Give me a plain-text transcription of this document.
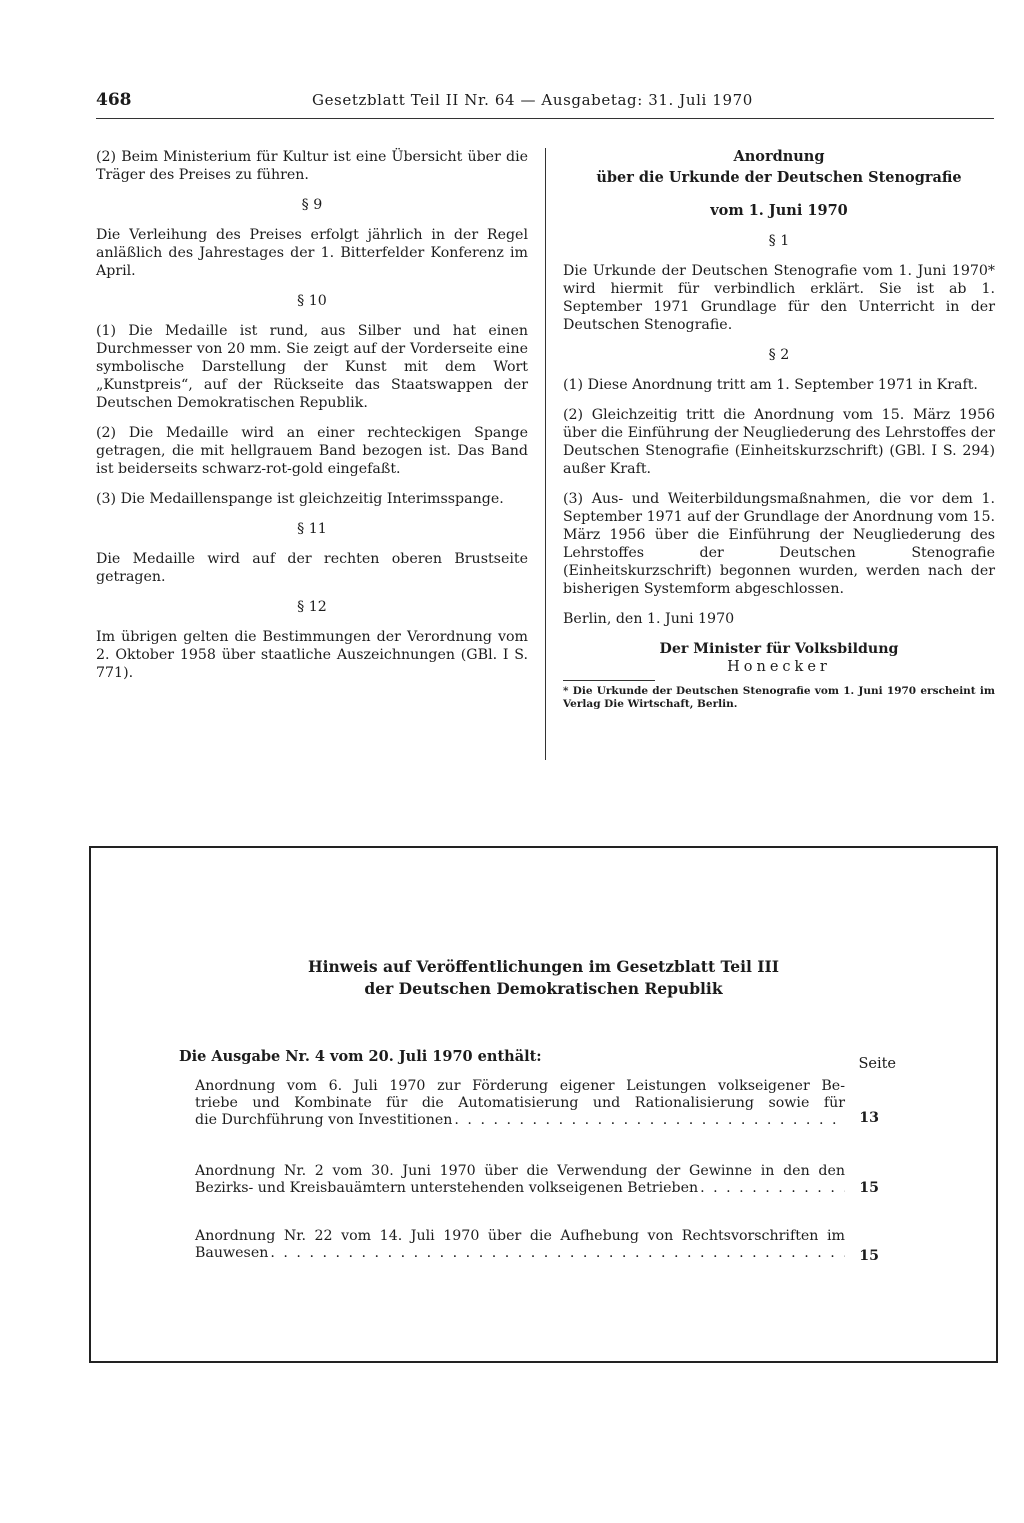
468	Gesetzblatt Teil II Nr. 64 — Ausgabetag: 31. Juli 1970

(2) Beim Ministerium für Kultur ist eine Übersicht über die Träger des Preises zu führen.

§ 9

Die Verleihung des Preises erfolgt jährlich in der Regel anläßlich des Jahrestages der 1. Bitterfelder Konferenz im April.

§ 10

(1) Die Medaille ist rund, aus Silber und hat einen Durchmesser von 20 mm. Sie zeigt auf der Vorderseite eine symbolische Darstellung der Kunst mit dem Wort „Kunstpreis“, auf der Rückseite das Staatswappen der Deutschen Demokratischen Republik.

(2) Die Medaille wird an einer rechteckigen Spange getragen, die mit hellgrauem Band bezogen ist. Das Band ist beiderseits schwarz-rot-gold eingefaßt.

(3) Die Medaillenspange ist gleichzeitig Interimsspange.

§ 11

Die Medaille wird auf der rechten oberen Brustseite getragen.

§ 12

Im übrigen gelten die Bestimmungen der Verordnung vom 2. Oktober 1958 über staatliche Auszeichnungen (GBl. I S. 771).

Anordnung

über die Urkunde der Deutschen Stenografie

vom 1. Juni 1970

§ 1

Die Urkunde der Deutschen Stenografie vom 1. Juni 1970* wird hiermit für verbindlich erklärt. Sie ist ab 1. September 1971 Grundlage für den Unterricht in der Deutschen Stenografie.

§ 2

(1) Diese Anordnung tritt am 1. September 1971 in Kraft.

(2) Gleichzeitig tritt die Anordnung vom 15. März 1956 über die Einführung der Neugliederung des Lehrstoffes der Deutschen Stenografie (Einheitskurzschrift) (GBl. I S. 294) außer Kraft.

(3) Aus- und Weiterbildungsmaßnahmen, die vor dem 1. September 1971 auf der Grundlage der Anordnung vom 15. März 1956 über die Einführung der Neugliederung des Lehrstoffes der Deutschen Stenografie (Einheitskurzschrift) begonnen wurden, werden nach der bisherigen Systemform abgeschlossen.

Berlin, den 1. Juni 1970

Der Minister für Volksbildung

Honecker

* Die Urkunde der Deutschen Stenografie vom 1. Juni 1970 erscheint im Verlag Die Wirtschaft, Berlin.

Hinweis auf Veröffentlichungen im Gesetzblatt Teil III
der Deutschen Demokratischen Republik
Die Ausgabe Nr. 4 vom 20. Juli 1970 enthält:	Seite
Anordnung vom 6. Juli 1970 zur Förderung eigener Leistungen volkseigener Be-
triebe und Kombinate für die Automatisierung und Rationalisierung sowie für
die Durchführung von Investitionen . . .	13
Anordnung Nr. 2 vom 30. Juni 1970 über die Verwendung der Gewinne in den den
Bezirks- und Kreisbauämtern unterstehenden volkseigenen Betrieben . . .	15
Anordnung Nr. 22 vom 14. Juli 1970 über die Aufhebung von Rechtsvorschriften im
Bauwesen . . .	15
